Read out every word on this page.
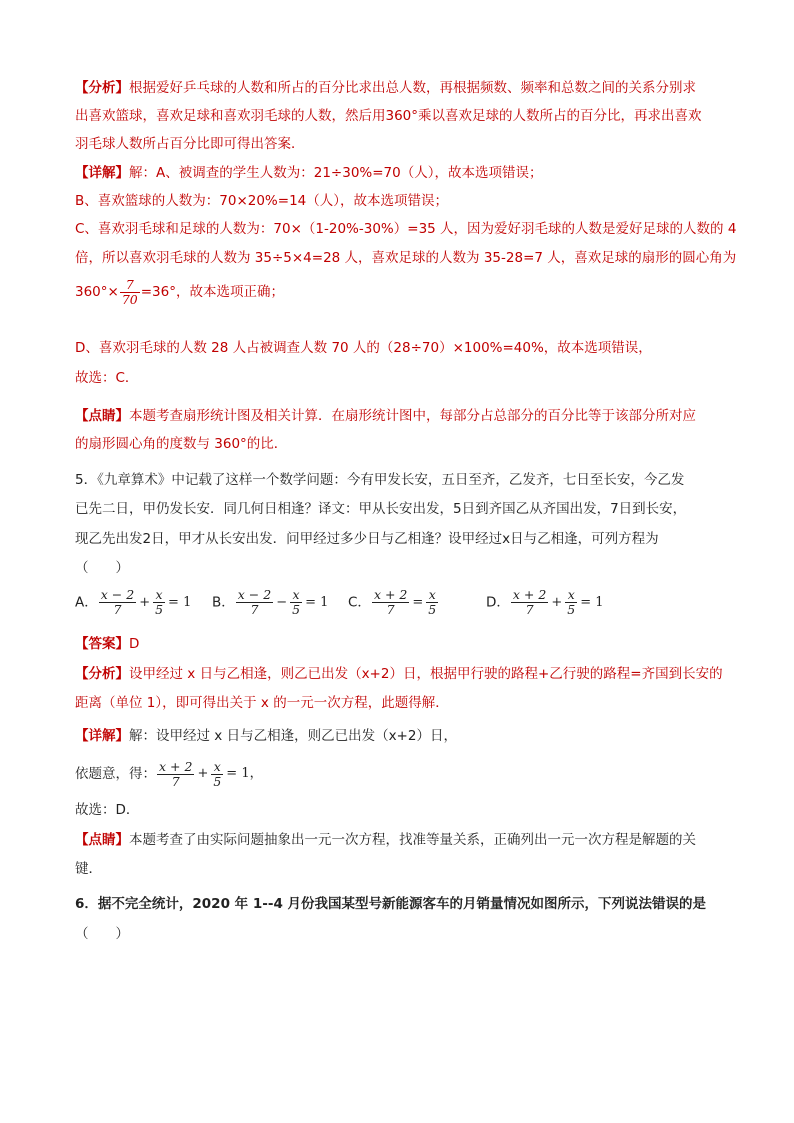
【分析】根据爱好乒乓球的人数和所占的百分比求出总人数，再根据频数、频率和总数之间的关系分别求
出喜欢篮球，喜欢足球和喜欢羽毛球的人数，然后用360°乘以喜欢足球的人数所占的百分比，再求出喜欢
羽毛球人数所占百分比即可得出答案．
【详解】解：A、被调查的学生人数为：21÷30%=70（人），故本选项错误；
B、喜欢篮球的人数为：70×20%=14（人），故本选项错误；
C、喜欢羽毛球和足球的人数为：70×（1-20%-30%）=35 人，因为爱好羽毛球的人数是爱好足球的人数的 4
倍，所以喜欢羽毛球的人数为 35÷5×4=28 人，喜欢足球的人数为 35-28=7 人，喜欢足球的扇形的圆心角为
$360^\circ\times \frac{7}{70} =36^\circ$，故本选项正确；
D、喜欢羽毛球的人数 28 人占被调查人数 70 人的（28÷70）×100%=40%，故本选项错误，
故选：C．
【点睛】本题考查扇形统计图及相关计算．在扇形统计图中，每部分占总部分的百分比等于该部分所对应
的扇形圆心角的度数与 360°的比．
5．《九章算术》中记载了这样一个数学问题：今有甲发长安，五日至齐，乙发齐，七日至长安，今乙发
已先二日，甲仍发长安．同几何日相逢？译文：甲从长安出发，5日到齐国乙从齐国出发，7日到长安，
现乙先出发2日，甲才从长安出发．问甲经过多少日与乙相逢？设甲经过x日与乙相逢，可列方程为
（　　）
A． $\frac{x - 2}{7} + \frac{x}{5} = 1$ B． $\frac{x - 2}{7} - \frac{x}{5} = 1$ C． $\frac{x + 2}{7} = \frac{x}{5}$	D． $\frac{x + 2}{7} + \frac{x}{5} = 1$
【答案】D
【分析】设甲经过 x 日与乙相逢，则乙已出发（x+2）日，根据甲行驶的路程+乙行驶的路程=齐国到长安的
距离（单位 1），即可得出关于 x 的一元一次方程，此题得解．
【详解】解：设甲经过 x 日与乙相逢，则乙已出发（x+2）日，
依题意，得： $\frac{x + 2}{7} + \frac{x}{5} = 1$，
故选：D．
【点睛】本题考查了由实际问题抽象出一元一次方程，找准等量关系，正确列出一元一次方程是解题的关
键．
6．据不完全统计，2020 年 1--4 月份我国某型号新能源客车的月销量情况如图所示，下列说法错误的是
（　　）
